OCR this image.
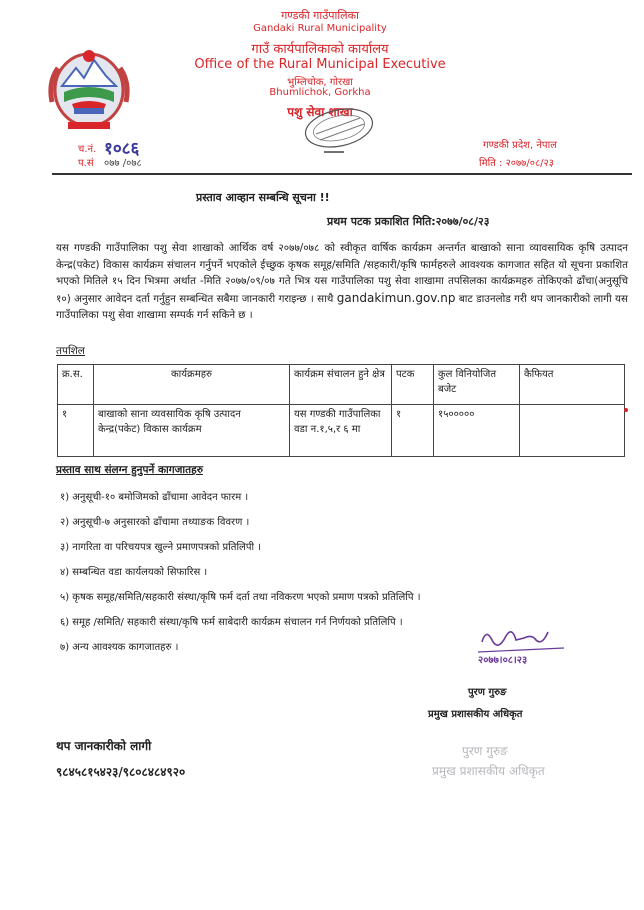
गण्डकी गाउँपालिका
Gandaki Rural Municipality
गाउँ कार्यपालिकाको कार्यालय
Office of the Rural Municipal Executive
भुम्लिचोक, गोरखा
Bhumlichok, Gorkha
पशु सेवा शाखा
च.नं. १०८६
प.सं ०७७ /०७८
गण्डकी प्रदेश, नेपाल
मिति : २०७७/०८/२३
प्रस्ताव आव्हान सम्बन्धि सूचना !!
प्रथम पटक प्रकाशित मिति:२०७७/०८/२३
यस गण्डकी गाउँपालिका पशु सेवा शाखाको आर्थिक वर्ष २०७७/०७८ को स्वीकृत वार्षिक कार्यक्रम अन्तर्गत बाखाको साना व्यावसायिक कृषि उत्पादन केन्द्र(पकेट) विकास कार्यक्रम संचालन गर्नुपर्ने भएकोले ईच्छुक कृषक समूह/समिति /सहकारी/कृषि फार्महरुले आवश्यक कागजात सहित यो सूचना प्रकाशित भएको मितिले १५ दिन भित्रमा अर्थात -मिति २०७७/०९/०७ गते भित्र यस गाउँपालिका पशु सेवा शाखामा तपसिलका कार्यक्रमहरु तोकिएको ढाँचा(अनुसूचि १०) अनुसार आवेदन दर्ता गर्नुहुन सम्बन्धित सबैमा जानकारी गराइन्छ । साथै gandakimun.gov.np बाट डाउनलोड गरी थप जानकारीको लागी यस गाउँपालिका पशु सेवा शाखामा सम्पर्क गर्न सकिने छ ।
तपशिल
क्र.स.	कार्यक्रमहरु	कार्यक्रम संचालन हुने क्षेत्र	पटक	कुल विनियोजित बजेट	कैफियत
१	बाखाको साना व्यवसायिक कृषि उत्पादन केन्द्र(पकेट) विकास कार्यक्रम	यस गण्डकी गाउँपालिका वडा न.१,५,र ६ मा	१	१५०००००	
प्रस्ताव साथ संलग्न हुनुपर्ने कागजातहरु
१) अनुसूची-१० बमोजिमको ढाँचामा आवेदन फारम ।
२) अनुसूची-७ अनुसारको ढाँचामा तथ्याङक विवरण ।
३) नागरिता वा परिचयपत्र खुल्ने प्रमाणपत्रको प्रतिलिपी ।
४) सम्बन्धित वडा कार्यलयको सिफारिस ।
५) कृषक समूह/समिति/सहकारी संस्था/कृषि फर्म दर्ता तथा नविकरण भएको प्रमाण पत्रको प्रतिलिपि ।
६) समूह /समिति/ सहकारी संस्था/कृषि फर्म साबेदारी कार्यक्रम संचालन गर्न निर्णयको प्रतिलिपि ।
७) अन्य आवश्यक कागजातहरु ।
२०७७।०८।२३
पुरण गुरुङ
प्रमुख प्रशासकीय अधिकृत
थप जानकारीको लागी
९८४५८१५४२३/९८०८४८४९२०
पुरण गुरुङ
प्रमुख प्रशासकीय अधिकृत
